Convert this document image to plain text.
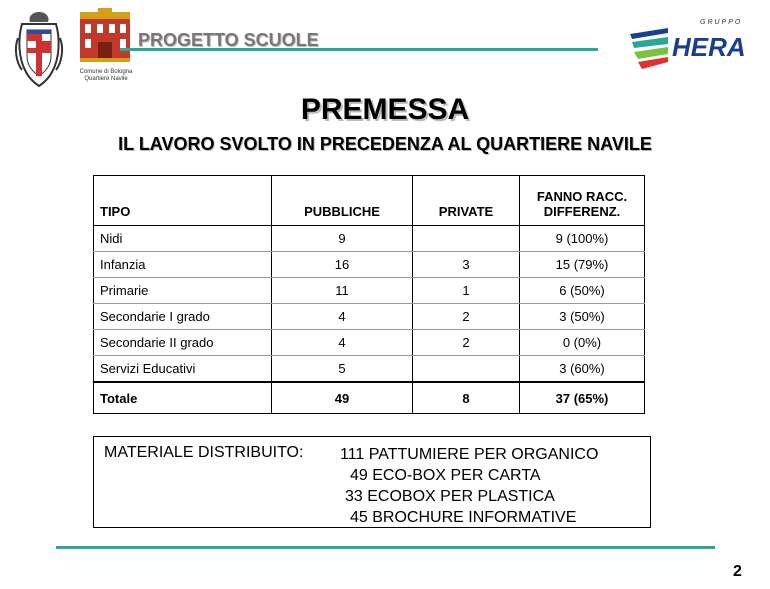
Comune di Bologna
Quartiere Navile
PROGETTO SCUOLE
GRUPPO
HERA
PREMESSA
IL LAVORO SVOLTO IN PRECEDENZA AL QUARTIERE NAVILE
TIPO	PUBBLICHE	PRIVATE	FANNO RACC. DIFFERENZ.
Nidi	9		9 (100%)
Infanzia	16	3	15 (79%)
Primarie	11	1	6 (50%)
Secondarie I grado	4	2	3 (50%)
Secondarie II grado	4	2	0 (0%)
Servizi Educativi	5		3 (60%)
Totale	49	8	37 (65%)
MATERIALE DISTRIBUITO: 111 PATTUMIERE PER ORGANICO
49 ECO-BOX PER CARTA
33 ECOBOX PER PLASTICA
45 BROCHURE INFORMATIVE
2
